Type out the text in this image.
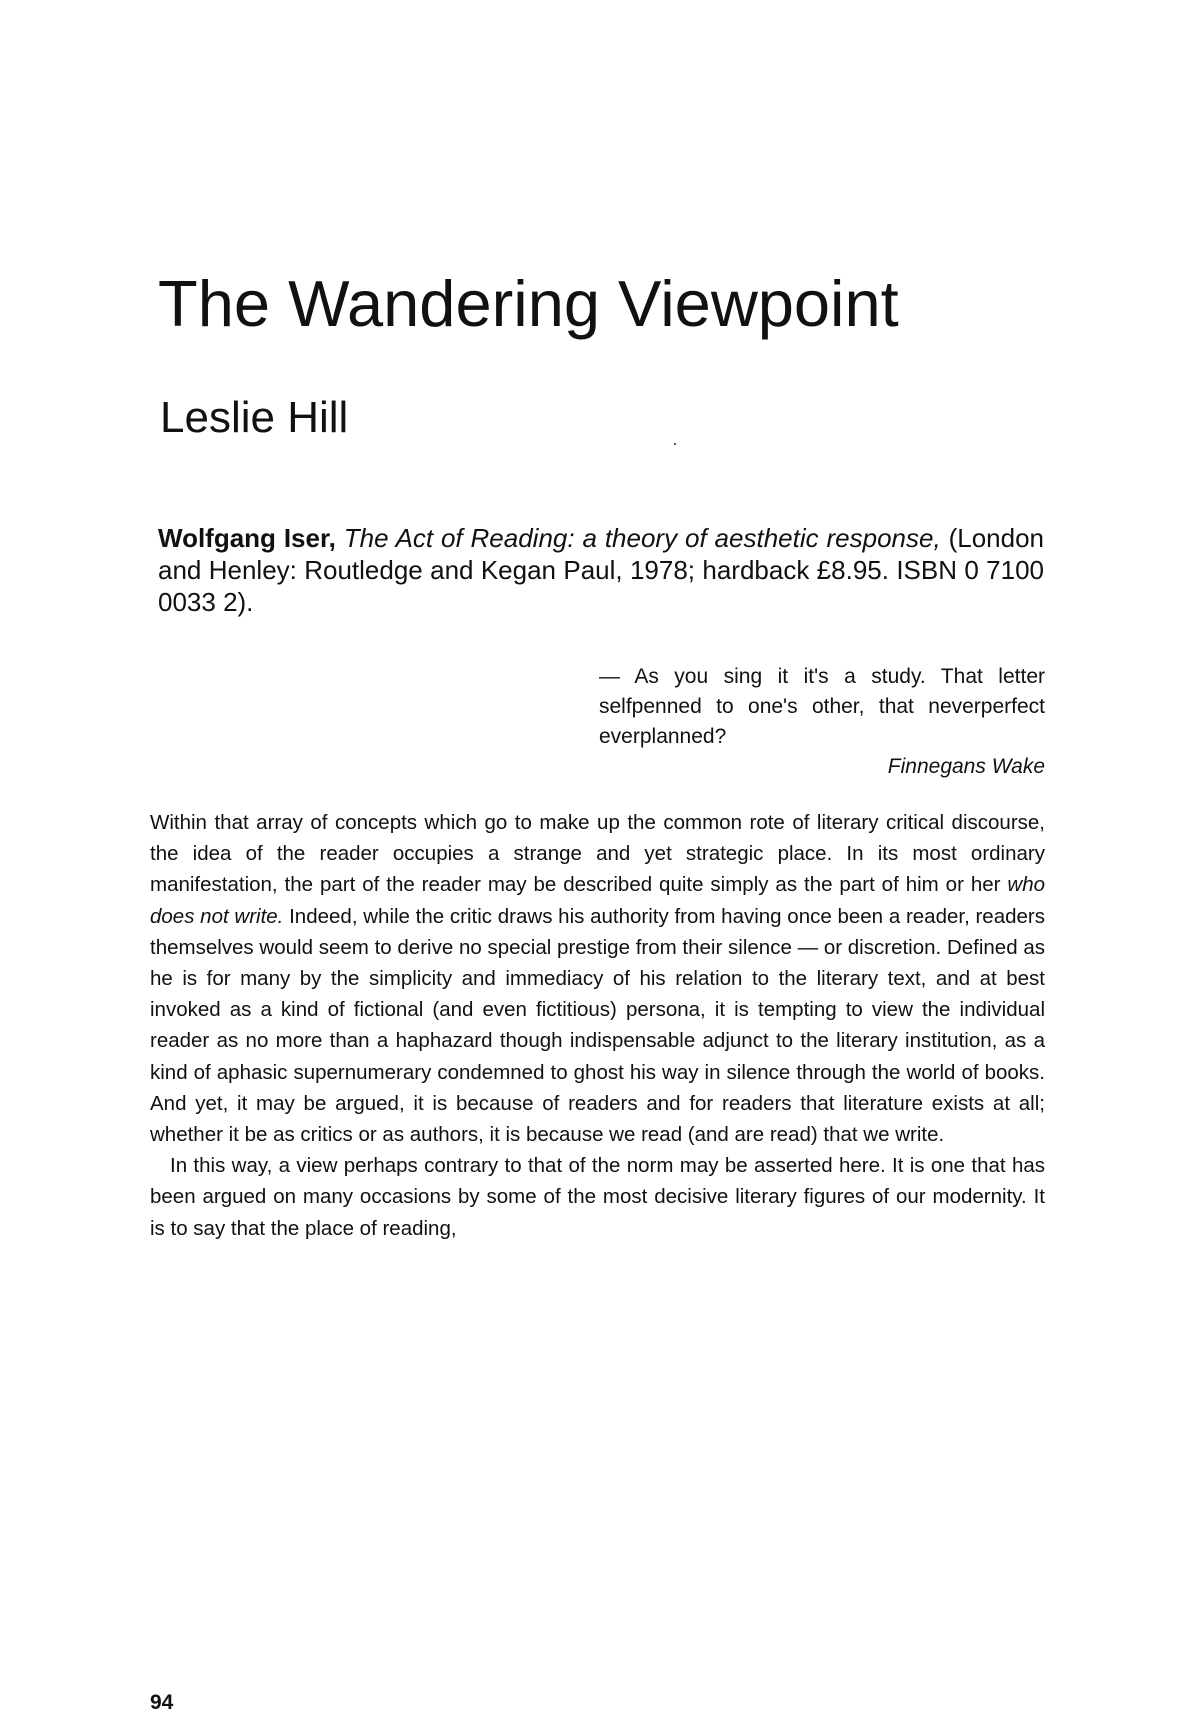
The Wandering Viewpoint
Leslie Hill

Wolfgang Iser, The Act of Reading: a theory of aesthetic response, (London and Henley: Routledge and Kegan Paul, 1978; hardback £8.95. ISBN 0 7100 0033 2).

— As you sing it it's a study. That letter selfpenned to one's other, that neverperfect everplanned?

Finnegans Wake

Within that array of concepts which go to make up the common rote of literary critical discourse, the idea of the reader occupies a strange and yet strategic place. In its most ordinary manifestation, the part of the reader may be described quite simply as the part of him or her who does not write. Indeed, while the critic draws his authority from having once been a reader, readers themselves would seem to derive no special prestige from their silence — or discretion. Defined as he is for many by the simplicity and immediacy of his relation to the literary text, and at best invoked as a kind of fictional (and even fictitious) persona, it is tempting to view the individual reader as no more than a haphazard though indispensable adjunct to the literary institution, as a kind of aphasic supernumerary condemned to ghost his way in silence through the world of books. And yet, it may be argued, it is because of readers and for readers that literature exists at all; whether it be as critics or as authors, it is because we read (and are read) that we write.

In this way, a view perhaps contrary to that of the norm may be asserted here. It is one that has been argued on many occasions by some of the most decisive literary figures of our modernity. It is to say that the place of reading,

94
